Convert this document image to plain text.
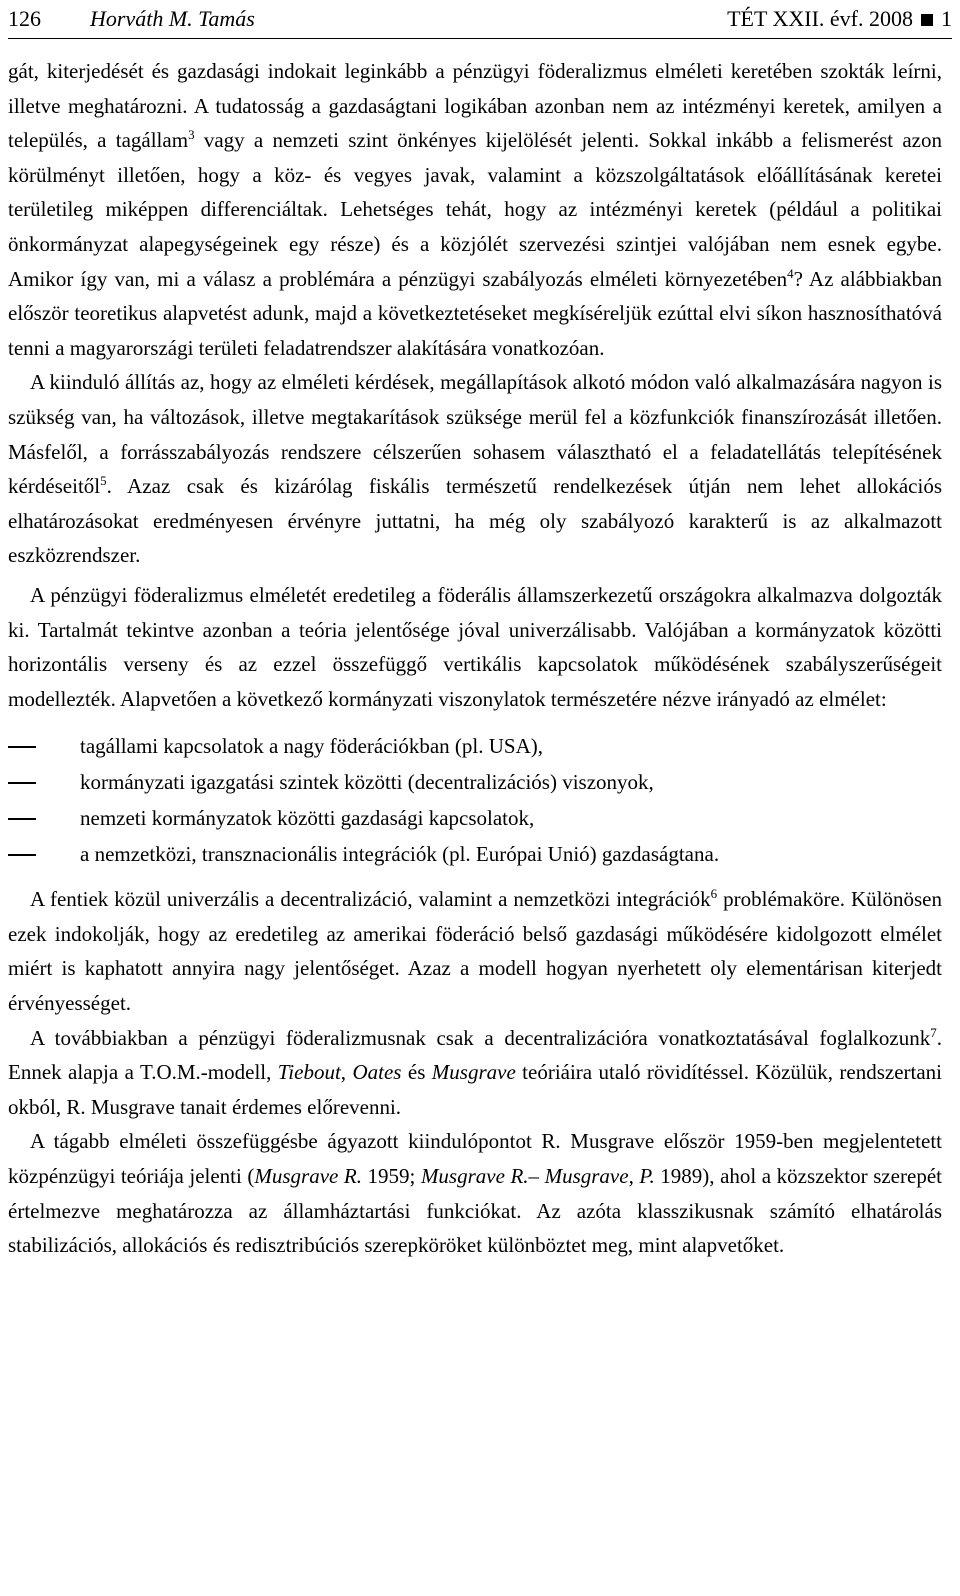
126 Horváth M. Tamás	TÉT XXII. évf. 2008 1

gát, kiterjedését és gazdasági indokait leginkább a pénzügyi föderalizmus elméleti keretében szokták leírni, illetve meghatározni. A tudatosság a gazdaságtani logikában azonban nem az intézményi keretek, amilyen a település, a tagállam$^3$ vagy a nemzeti szint önkényes kijelölését jelenti. Sokkal inkább a felismerést azon körülményt illetően, hogy a köz- és vegyes javak, valamint a közszolgáltatások előállításának keretei területileg miképpen differenciáltak. Lehetséges tehát, hogy az intézményi keretek (például a politikai önkormányzat alapegységeinek egy része) és a közjólét szervezési szintjei valójában nem esnek egybe. Amikor így van, mi a válasz a problémára a pénzügyi szabályozás elméleti környezetében$^4$? Az alábbiakban először teoretikus alapvetést adunk, majd a következtetéseket megkíséreljük ezúttal elvi síkon hasznosíthatóvá tenni a magyarországi területi feladatrendszer alakítására vonatkozóan.

A kiinduló állítás az, hogy az elméleti kérdések, megállapítások alkotó módon való alkalmazására nagyon is szükség van, ha változások, illetve megtakarítások szüksége merül fel a közfunkciók finanszírozását illetően. Másfelől, a forrásszabályozás rendszere célszerűen sohasem választható el a feladatellátás telepítésének kérdéseitől$^5$. Azaz csak és kizárólag fiskális természetű rendelkezések útján nem lehet allokációs elhatározásokat eredményesen érvényre juttatni, ha még oly szabályozó karakterű is az alkalmazott eszközrendszer.

A pénzügyi föderalizmus elméletét eredetileg a föderális államszerkezetű országokra alkalmazva dolgozták ki. Tartalmát tekintve azonban a teória jelentősége jóval univerzálisabb. Valójában a kormányzatok közötti horizontális verseny és az ezzel összefüggő vertikális kapcsolatok működésének szabályszerűségeit modellezték. Alapvetően a következő kormányzati viszonylatok természetére nézve irányadó az elmélet:

tagállami kapcsolatok a nagy föderációkban (pl. USA),
kormányzati igazgatási szintek közötti (decentralizációs) viszonyok,
nemzeti kormányzatok közötti gazdasági kapcsolatok,
a nemzetközi, transznacionális integrációk (pl. Európai Unió) gazdaságtana.

A fentiek közül univerzális a decentralizáció, valamint a nemzetközi integrációk$^6$ problémaköre. Különösen ezek indokolják, hogy az eredetileg az amerikai föderáció belső gazdasági működésére kidolgozott elmélet miért is kaphatott annyira nagy jelentőséget. Azaz a modell hogyan nyerhetett oly elementárisan kiterjedt érvényességet.

A továbbiakban a pénzügyi föderalizmusnak csak a decentralizációra vonatkoztatásával foglalkozunk$^7$. Ennek alapja a T.O.M.-modell, Tiebout, Oates és Musgrave teóriáira utaló rövidítéssel. Közülük, rendszertani okból, R. Musgrave tanait érdemes előrevenni.

A tágabb elméleti összefüggésbe ágyazott kiindulópontot R. Musgrave először 1959-ben megjelentetett közpénzügyi teóriája jelenti (Musgrave R. 1959; Musgrave R.– Musgrave, P. 1989), ahol a közszektor szerepét értelmezve meghatározza az államháztartási funkciókat. Az azóta klasszikusnak számító elhatárolás stabilizációs, allokációs és redisztribúciós szerepköröket különböztet meg, mint alapvetőket.
